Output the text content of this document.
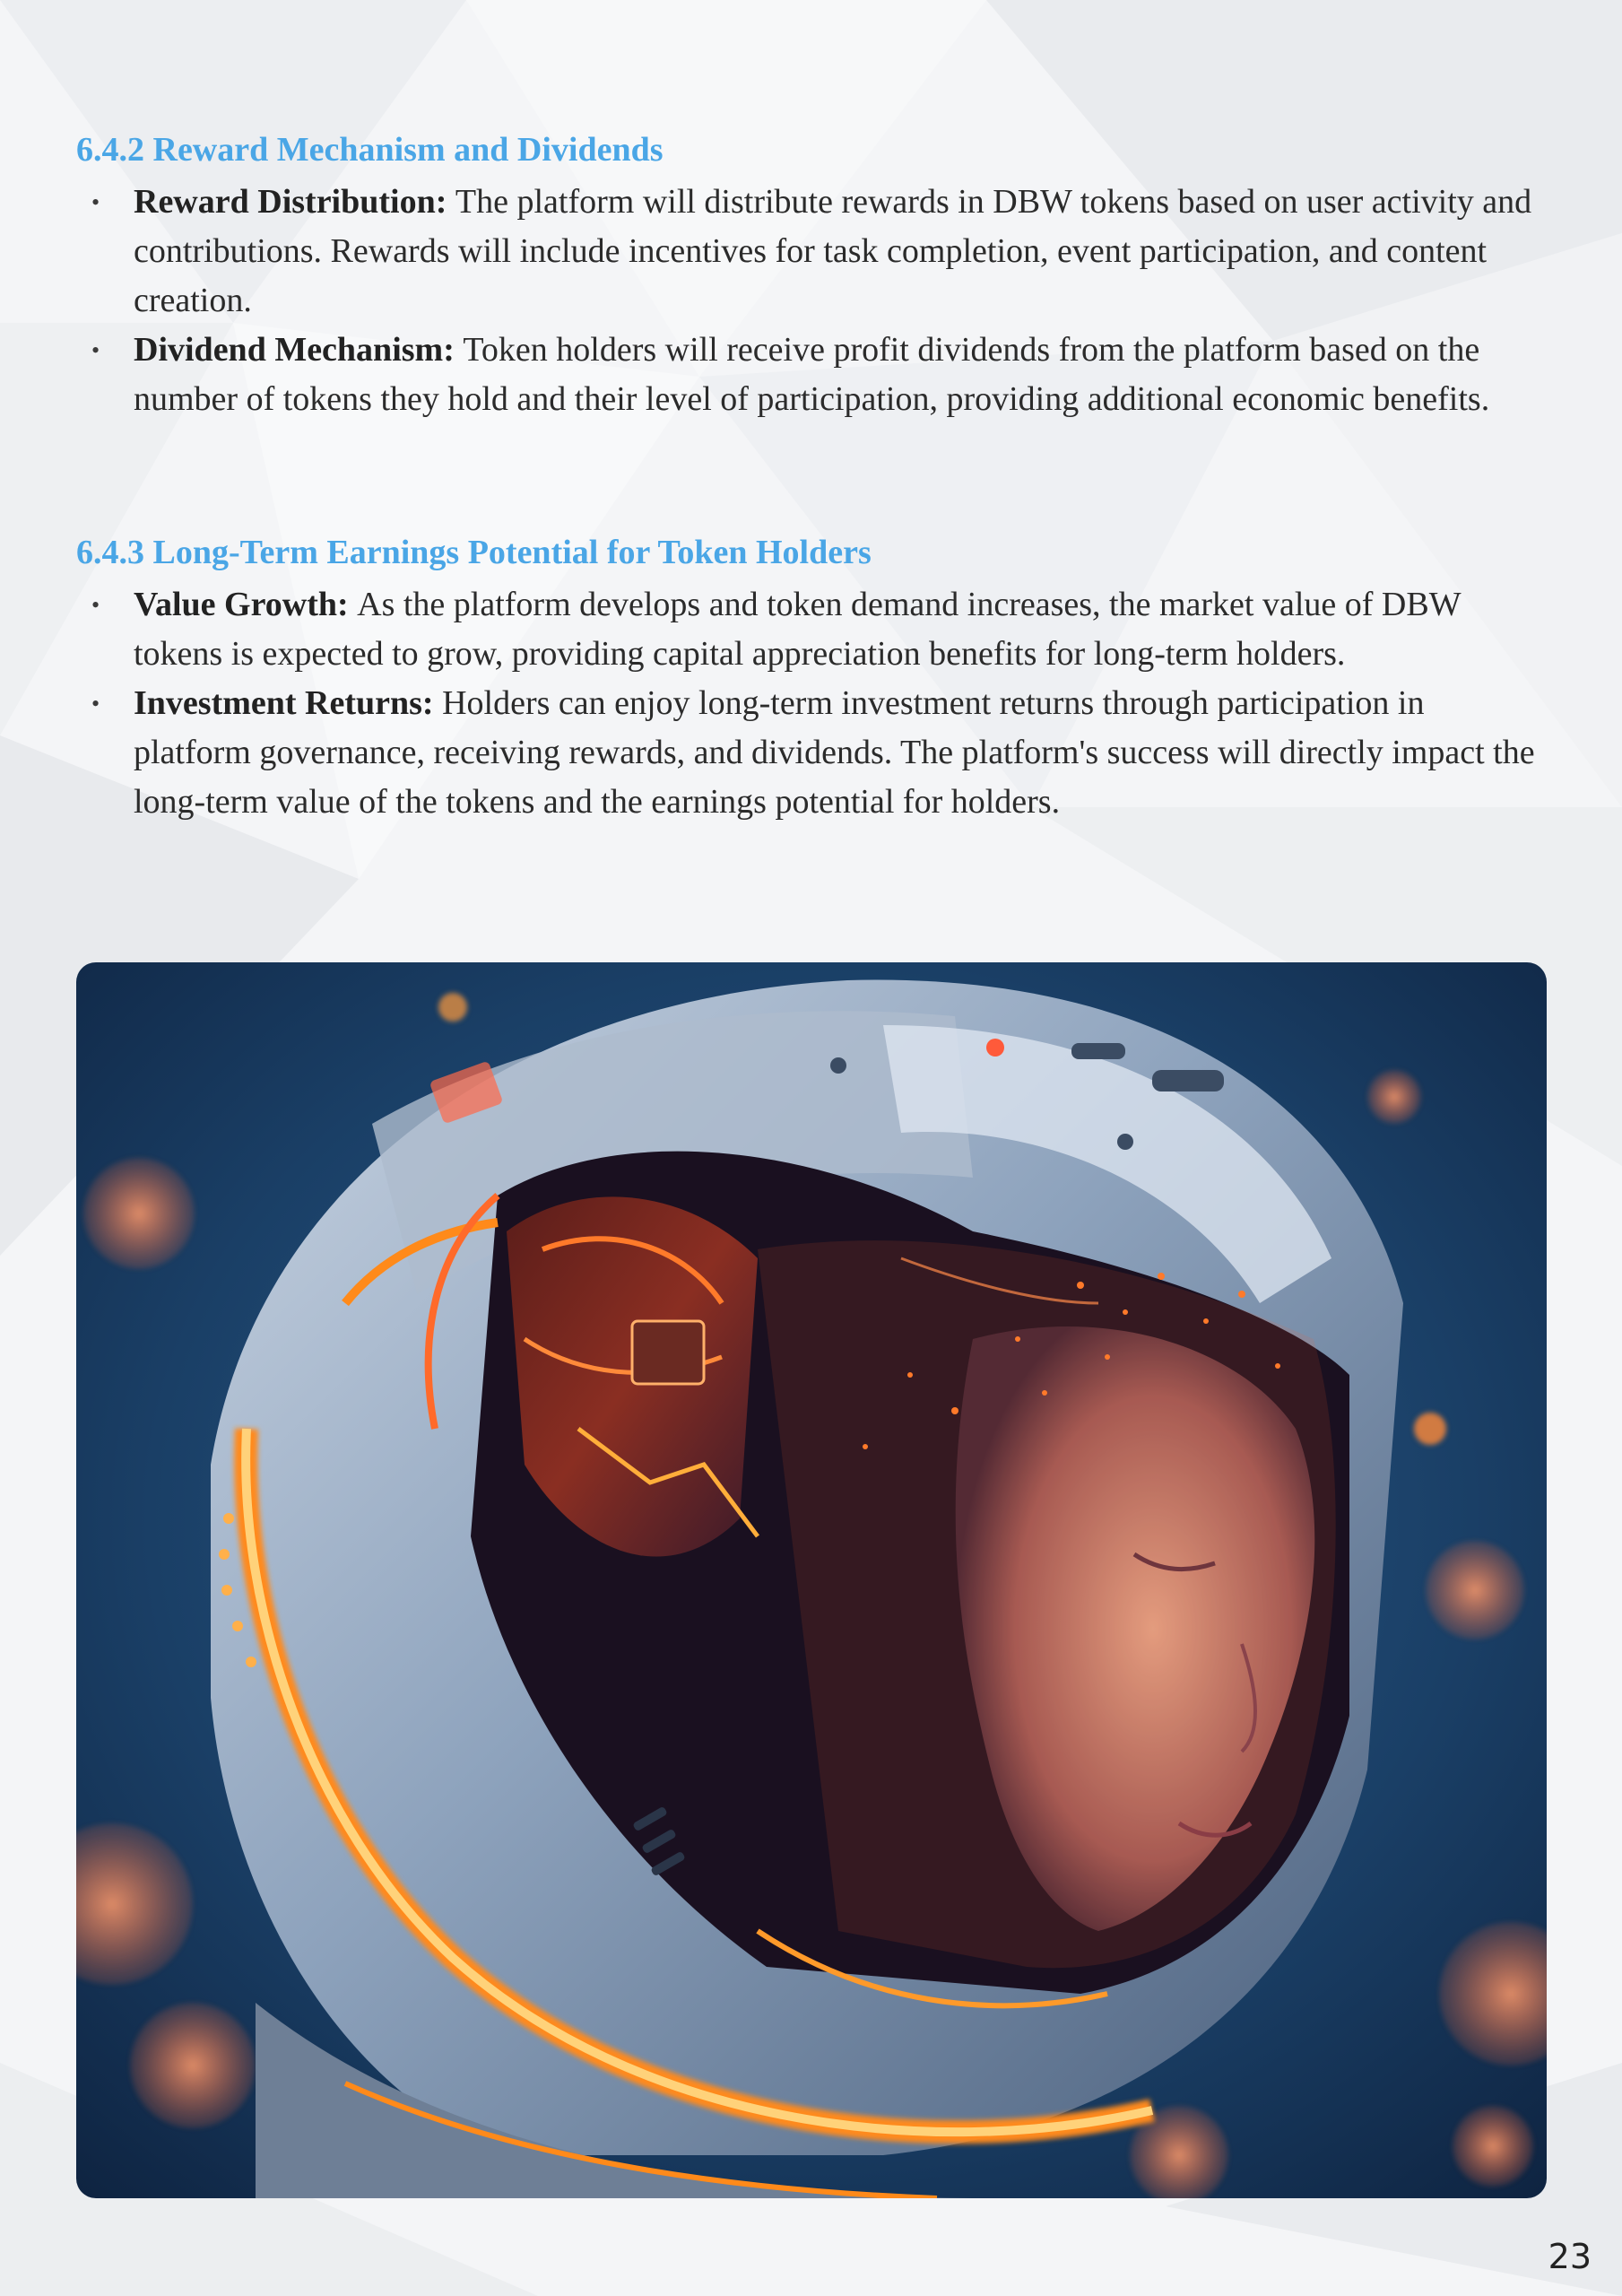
6.4.2 Reward Mechanism and Dividends
• Reward Distribution: The platform will distribute rewards in DBW tokens based on user activity and contributions. Rewards will include incentives for task completion, event participation, and content creation.
• Dividend Mechanism: Token holders will receive profit dividends from the platform based on the number of tokens they hold and their level of participation, providing additional economic benefits.
6.4.3 Long-Term Earnings Potential for Token Holders
• Value Growth: As the platform develops and token demand increases, the market value of DBW tokens is expected to grow, providing capital appreciation benefits for long-term holders.
• Investment Returns: Holders can enjoy long-term investment returns through participation in platform governance, receiving rewards, and dividends. The platform's success will directly impact the long-term value of the tokens and the earnings potential for holders.
23
